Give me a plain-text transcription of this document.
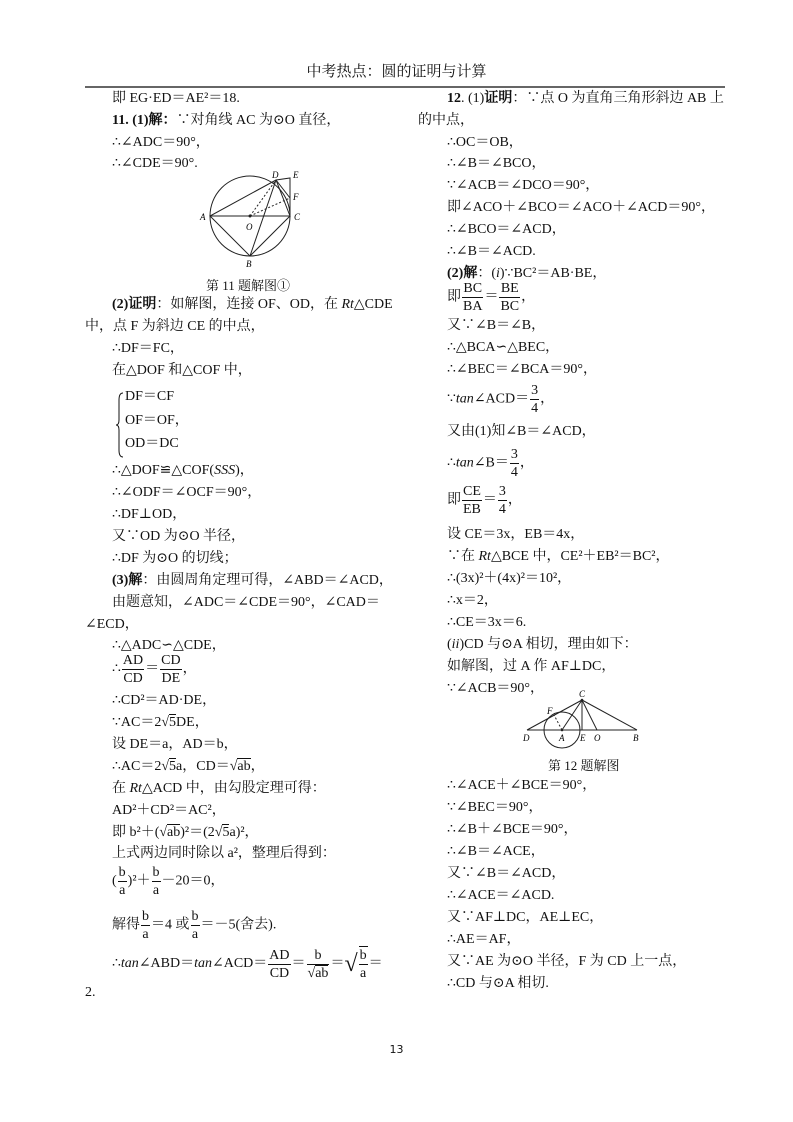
中考热点：圆的证明与计算
即 EG·ED＝AE²＝18.
11. (1)解：∵对角线 AC 为⊙O 直径，
∴∠ADC＝90°，
∴∠CDE＝90°.
A
B
C
D E
F
O
第 11 题解图①
(2)证明：如解图，连接 OF、OD，在 Rt△CDE
中，点 F 为斜边 CE 的中点，
∴DF＝FC，
在△DOF 和△COF 中，
DF＝CF
OF＝OF，
OD＝DC
∴△DOF≌△COF(SSS)，
∴∠ODF＝∠OCF＝90°，
∴DF⊥OD，
又∵OD 为⊙O 半径，
∴DF 为⊙O 的切线；
(3)解：由圆周角定理可得，∠ABD＝∠ACD，
由题意知，∠ADC＝∠CDE＝90°，∠CAD＝
∠ECD，
∴△ADC∽△CDE，
∴ $\frac{AD}{CD} = \frac{CD}{DE}$ ，
∴CD²＝AD·DE，
∵AC＝2√5DE，
设 DE＝a，AD＝b，
∴AC＝2√5a，CD＝√ab，
在 Rt△ACD 中，由勾股定理可得：
AD²＋CD²＝AC²，
即 b²＋(√ab)²＝(2√5a)²，
上式两边同时除以 a²，整理后得到：
( $\frac{b}{a} )^2+ \frac{b}{a} -20=0$，
解得 $\frac{b}{a} =4$ 或 $\frac{b}{a} =-5$(舍去).
∴tan∠ABD＝tan∠ACD＝ $\frac{AD}{CD} = \frac{b}{√ab}$ ＝√ $\frac{b}{a}$ ＝
2.
12. (1)证明：∵点 O 为直角三角形斜边 AB 上
的中点，
∴OC＝OB，
∴∠B＝∠BCO，
∵∠ACB＝∠DCO＝90°，
即∠ACO＋∠BCO＝∠ACO＋∠ACD＝90°，
∴∠BCO＝∠ACD，
∴∠B＝∠ACD.
(2)解：(i)∵BC²＝AB·BE，
即 $\frac{BC}{BA} = \frac{BE}{BC}$ ，
又∵∠B＝∠B，
∴△BCA∽△BEC，
∴∠BEC＝∠BCA＝90°，
∵tan∠ACD＝ $\frac{3}{4}$ ，
又由(1)知∠B＝∠ACD，
∴tan∠B＝ $\frac{3}{4}$ ，
即 $\frac{CE}{EB} = \frac{3}{4}$ ，
设 CE＝3x，EB＝4x，
∵在 Rt△BCE 中，CE²＋EB²＝BC²，
∴(3x)²＋(4x)²＝10²，
∴x＝2，
∴CE＝3x＝6.
(ii)CD 与⊙A 相切，理由如下：
如解图，过 A 作 AF⊥DC，
∵∠ACB＝90°，	C
F
D	A E O	B
第 12 题解图
∴∠ACE＋∠BCE＝90°，
∵∠BEC＝90°，
∴∠B＋∠BCE＝90°，
∴∠B＝∠ACE，
又∵∠B＝∠ACD，
∴∠ACE＝∠ACD.
又∵AF⊥DC，AE⊥EC，
∴AE＝AF，
又∵AE 为⊙O 半径，F 为 CD 上一点，
∴CD 与⊙A 相切.
13
